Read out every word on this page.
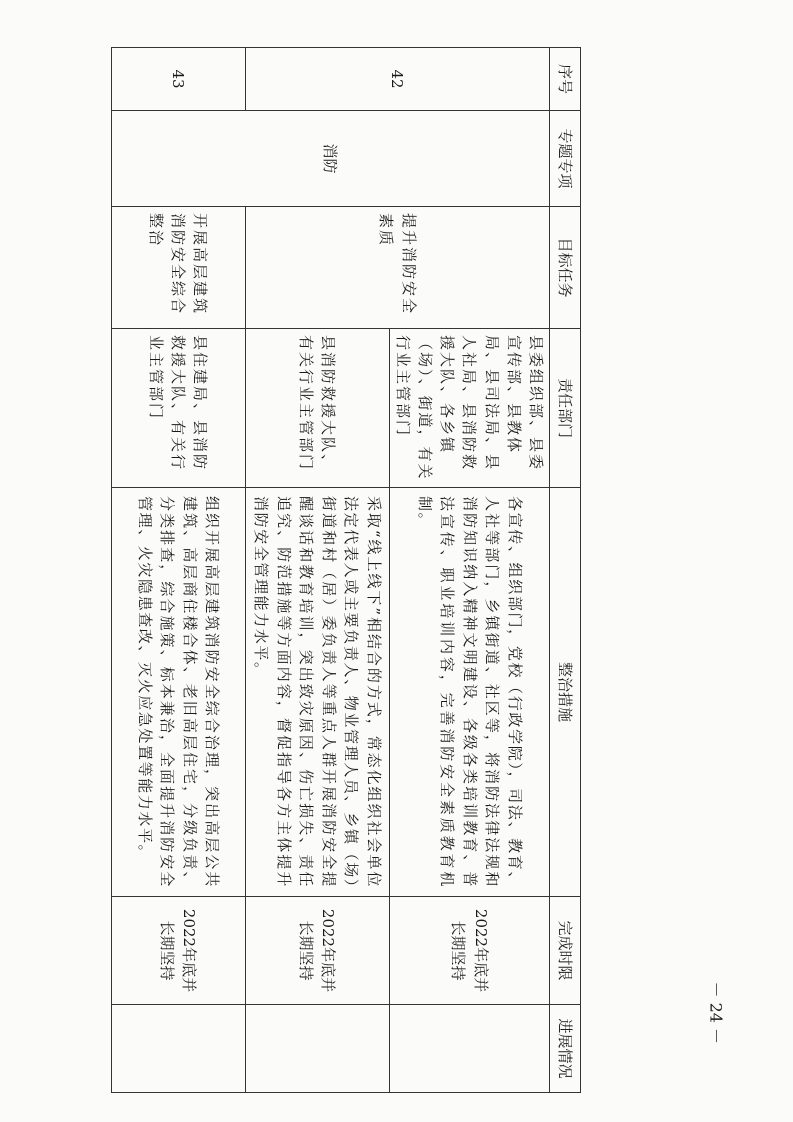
序号	专题专项	目标任务	责任部门	整治措施	完成时限	进展情况
42	消防	提升消防安全素质	县委组织部、县委宣传部、县教体局、县司法局、县人社局、县消防救援大队、各乡镇（场）、街道，有关行业主管部门	各宣传、组织部门，党校（行政学院），司法、教育、人社等部门，乡镇街道、社区等，将消防法律法规和消防知识纳入精神文明建设、各级各类培训教育、普法宣传、职业培训内容，完善消防安全素质教育机制。	2022年底并长期坚持	
			县消防救援大队、有关行业主管部门	采取“线上线下”相结合的方式，常态化组织社会单位法定代表人或主要负责人、物业管理人员、乡镇（场）街道和村（居）委负责人等重点人群开展消防安全提醒谈话和教育培训，突出致灾原因、伤亡损失、责任追究、防范措施等方面内容，督促指导各方主体提升消防安全管理能力水平。	2022年底并长期坚持	
43		开展高层建筑消防安全综合整治	县住建局、县消防救援大队、有关行业主管部门	组织开展高层建筑消防安全综合治理，突出高层公共建筑、高层商住楼合体、老旧高层住宅，分级负责、分类排查，综合施策、标本兼治，全面提升消防安全管理、火灾隐患查改、灭火应急处置等能力水平。	2022年底并长期坚持	
－ 24 －
